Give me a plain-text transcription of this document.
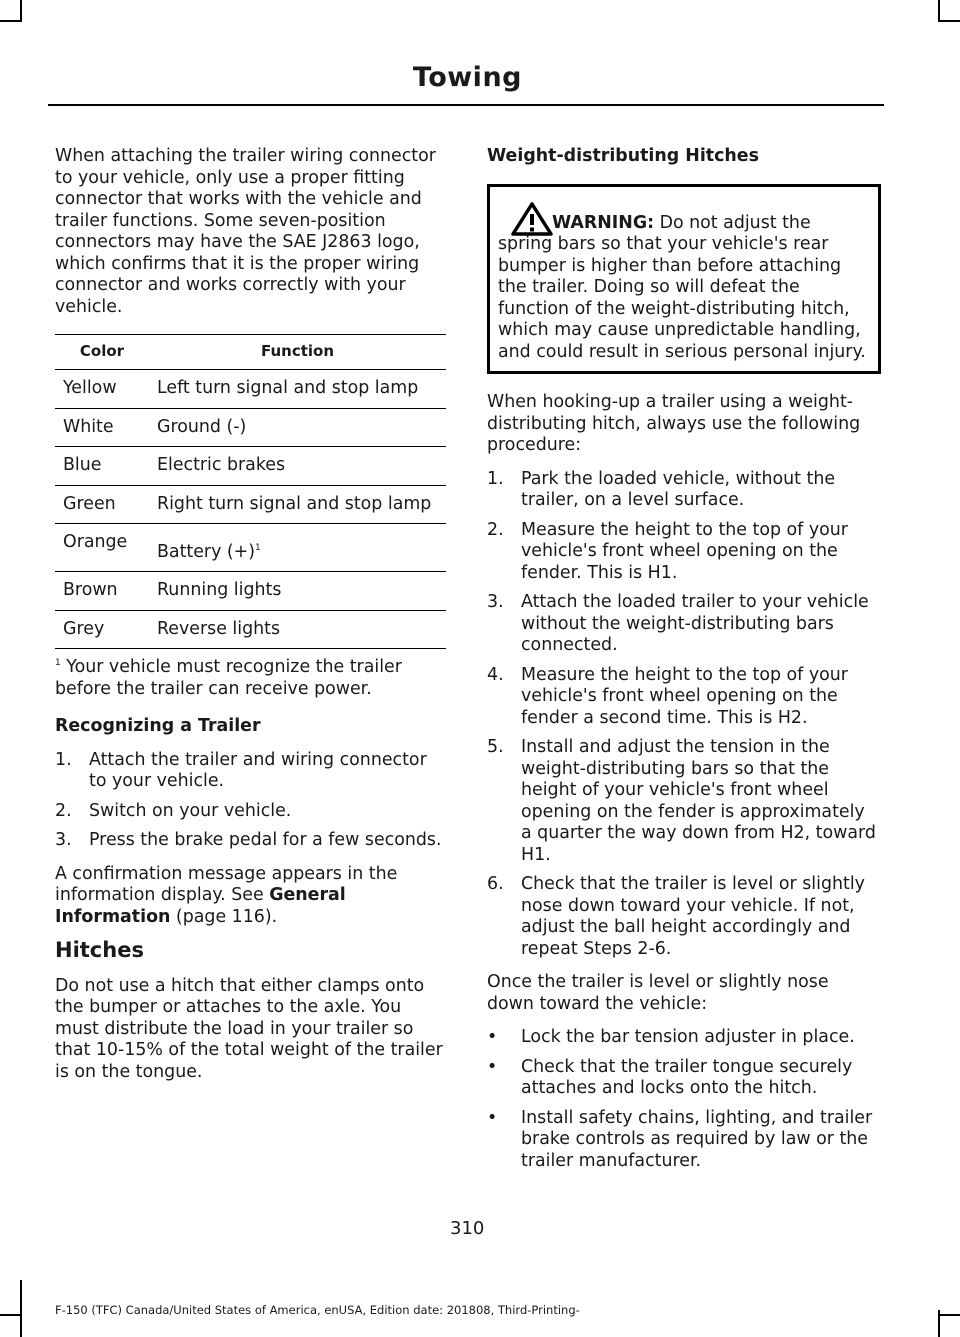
Towing

When attaching the trailer wiring connector to your vehicle, only use a proper fitting connector that works with the vehicle and trailer functions. Some seven-position connectors may have the SAE J2863 logo, which confirms that it is the proper wiring connector and works correctly with your vehicle.

Color	Function
Yellow	Left turn signal and stop lamp
White	Ground (-)
Blue	Electric brakes
Green	Right turn signal and stop lamp
Orange	Battery $(+)^1$
Brown	Running lights
Grey	Reverse lights

$^1$ Your vehicle must recognize the trailer before the trailer can receive power.

Recognizing a Trailer

1. Attach the trailer and wiring connector to your vehicle.
2. Switch on your vehicle.
3. Press the brake pedal for a few seconds.

A confirmation message appears in the information display. See General Information (page 116).

Hitches

Do not use a hitch that either clamps onto the bumper or attaches to the axle. You must distribute the load in your trailer so that 10-15% of the total weight of the trailer is on the tongue.

Weight-distributing Hitches

WARNING: Do not adjust the spring bars so that your vehicle's rear bumper is higher than before attaching the trailer. Doing so will defeat the function of the weight-distributing hitch, which may cause unpredictable handling, and could result in serious personal injury.

When hooking-up a trailer using a weight-distributing hitch, always use the following procedure:

1. Park the loaded vehicle, without the trailer, on a level surface.
2. Measure the height to the top of your vehicle's front wheel opening on the fender. This is H1.
3. Attach the loaded trailer to your vehicle without the weight-distributing bars connected.
4. Measure the height to the top of your vehicle's front wheel opening on the fender a second time. This is H2.
5. Install and adjust the tension in the weight-distributing bars so that the height of your vehicle's front wheel opening on the fender is approximately a quarter the way down from H2, toward H1.
6. Check that the trailer is level or slightly nose down toward your vehicle. If not, adjust the ball height accordingly and repeat Steps 2-6.

Once the trailer is level or slightly nose down toward the vehicle:

• Lock the bar tension adjuster in place.
• Check that the trailer tongue securely attaches and locks onto the hitch.
• Install safety chains, lighting, and trailer brake controls as required by law or the trailer manufacturer.
310
F-150 (TFC) Canada/United States of America, enUSA, Edition date: 201808, Third-Printing-
